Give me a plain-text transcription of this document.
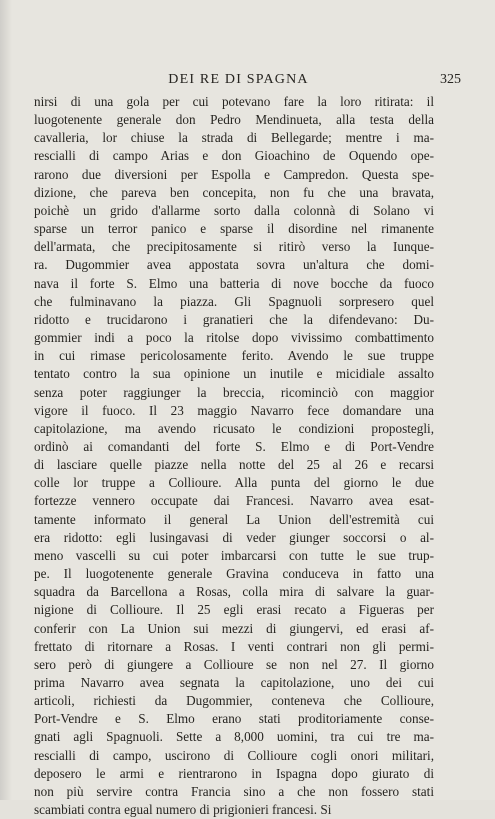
DEI RE DI SPAGNA	325
nirsi di una gola per cui potevano fare la loro ritirata: il
luogotenente generale don Pedro Mendinueta, alla testa della
cavalleria, lor chiuse la strada di Bellegarde; mentre i ma-
rescialli di campo Arias e don Gioachino de Oquendo ope-
rarono due diversioni per Espolla e Campredon. Questa spe-
dizione, che pareva ben concepita, non fu che una bravata,
poichè un grido d'allarme sorto dalla colonnà di Solano vi
sparse un terror panico e sparse il disordine nel rimanente
dell'armata, che precipitosamente si ritirò verso la Iunque-
ra. Dugommier avea appostata sovra un'altura che domi-
nava il forte S. Elmo una batteria di nove bocche da fuoco
che fulminavano la piazza. Gli Spagnuoli sorpresero quel
ridotto e trucidarono i granatieri che la difendevano: Du-
gommier indi a poco la ritolse dopo vivissimo combattimento
in cui rimase pericolosamente ferito. Avendo le sue truppe
tentato contro la sua opinione un inutile e micidiale assalto
senza poter raggiunger la breccia, ricominciò con maggior
vigore il fuoco. Il 23 maggio Navarro fece domandare una
capitolazione, ma avendo ricusato le condizioni propostegli,
ordinò ai comandanti del forte S. Elmo e di Port-Vendre
di lasciare quelle piazze nella notte del 25 al 26 e recarsi
colle lor truppe a Collioure. Alla punta del giorno le due
fortezze vennero occupate dai Francesi. Navarro avea esat-
tamente informato il general La Union dell'estremità cui
era ridotto: egli lusingavasi di veder giunger soccorsi o al-
meno vascelli su cui poter imbarcarsi con tutte le sue trup-
pe. Il luogotenente generale Gravina conduceva in fatto una
squadra da Barcellona a Rosas, colla mira di salvare la guar-
nigione di Collioure. Il 25 egli erasi recato a Figueras per
conferir con La Union sui mezzi di giungervi, ed erasi af-
frettato di ritornare a Rosas. I venti contrari non gli permi-
sero però di giungere a Collioure se non nel 27. Il giorno
prima Navarro avea segnata la capitolazione, uno dei cui
articoli, richiesti da Dugommier, conteneva che Collioure,
Port-Vendre e S. Elmo erano stati proditoriamente conse-
gnati agli Spagnuoli. Sette a 8,000 uomini, tra cui tre ma-
rescialli di campo, uscirono di Collioure cogli onori militari,
deposero le armi e rientrarono in Ispagna dopo giurato di
non più servire contra Francia sino a che non fossero stati
scambiati contra egual numero di prigionieri francesi. Si
